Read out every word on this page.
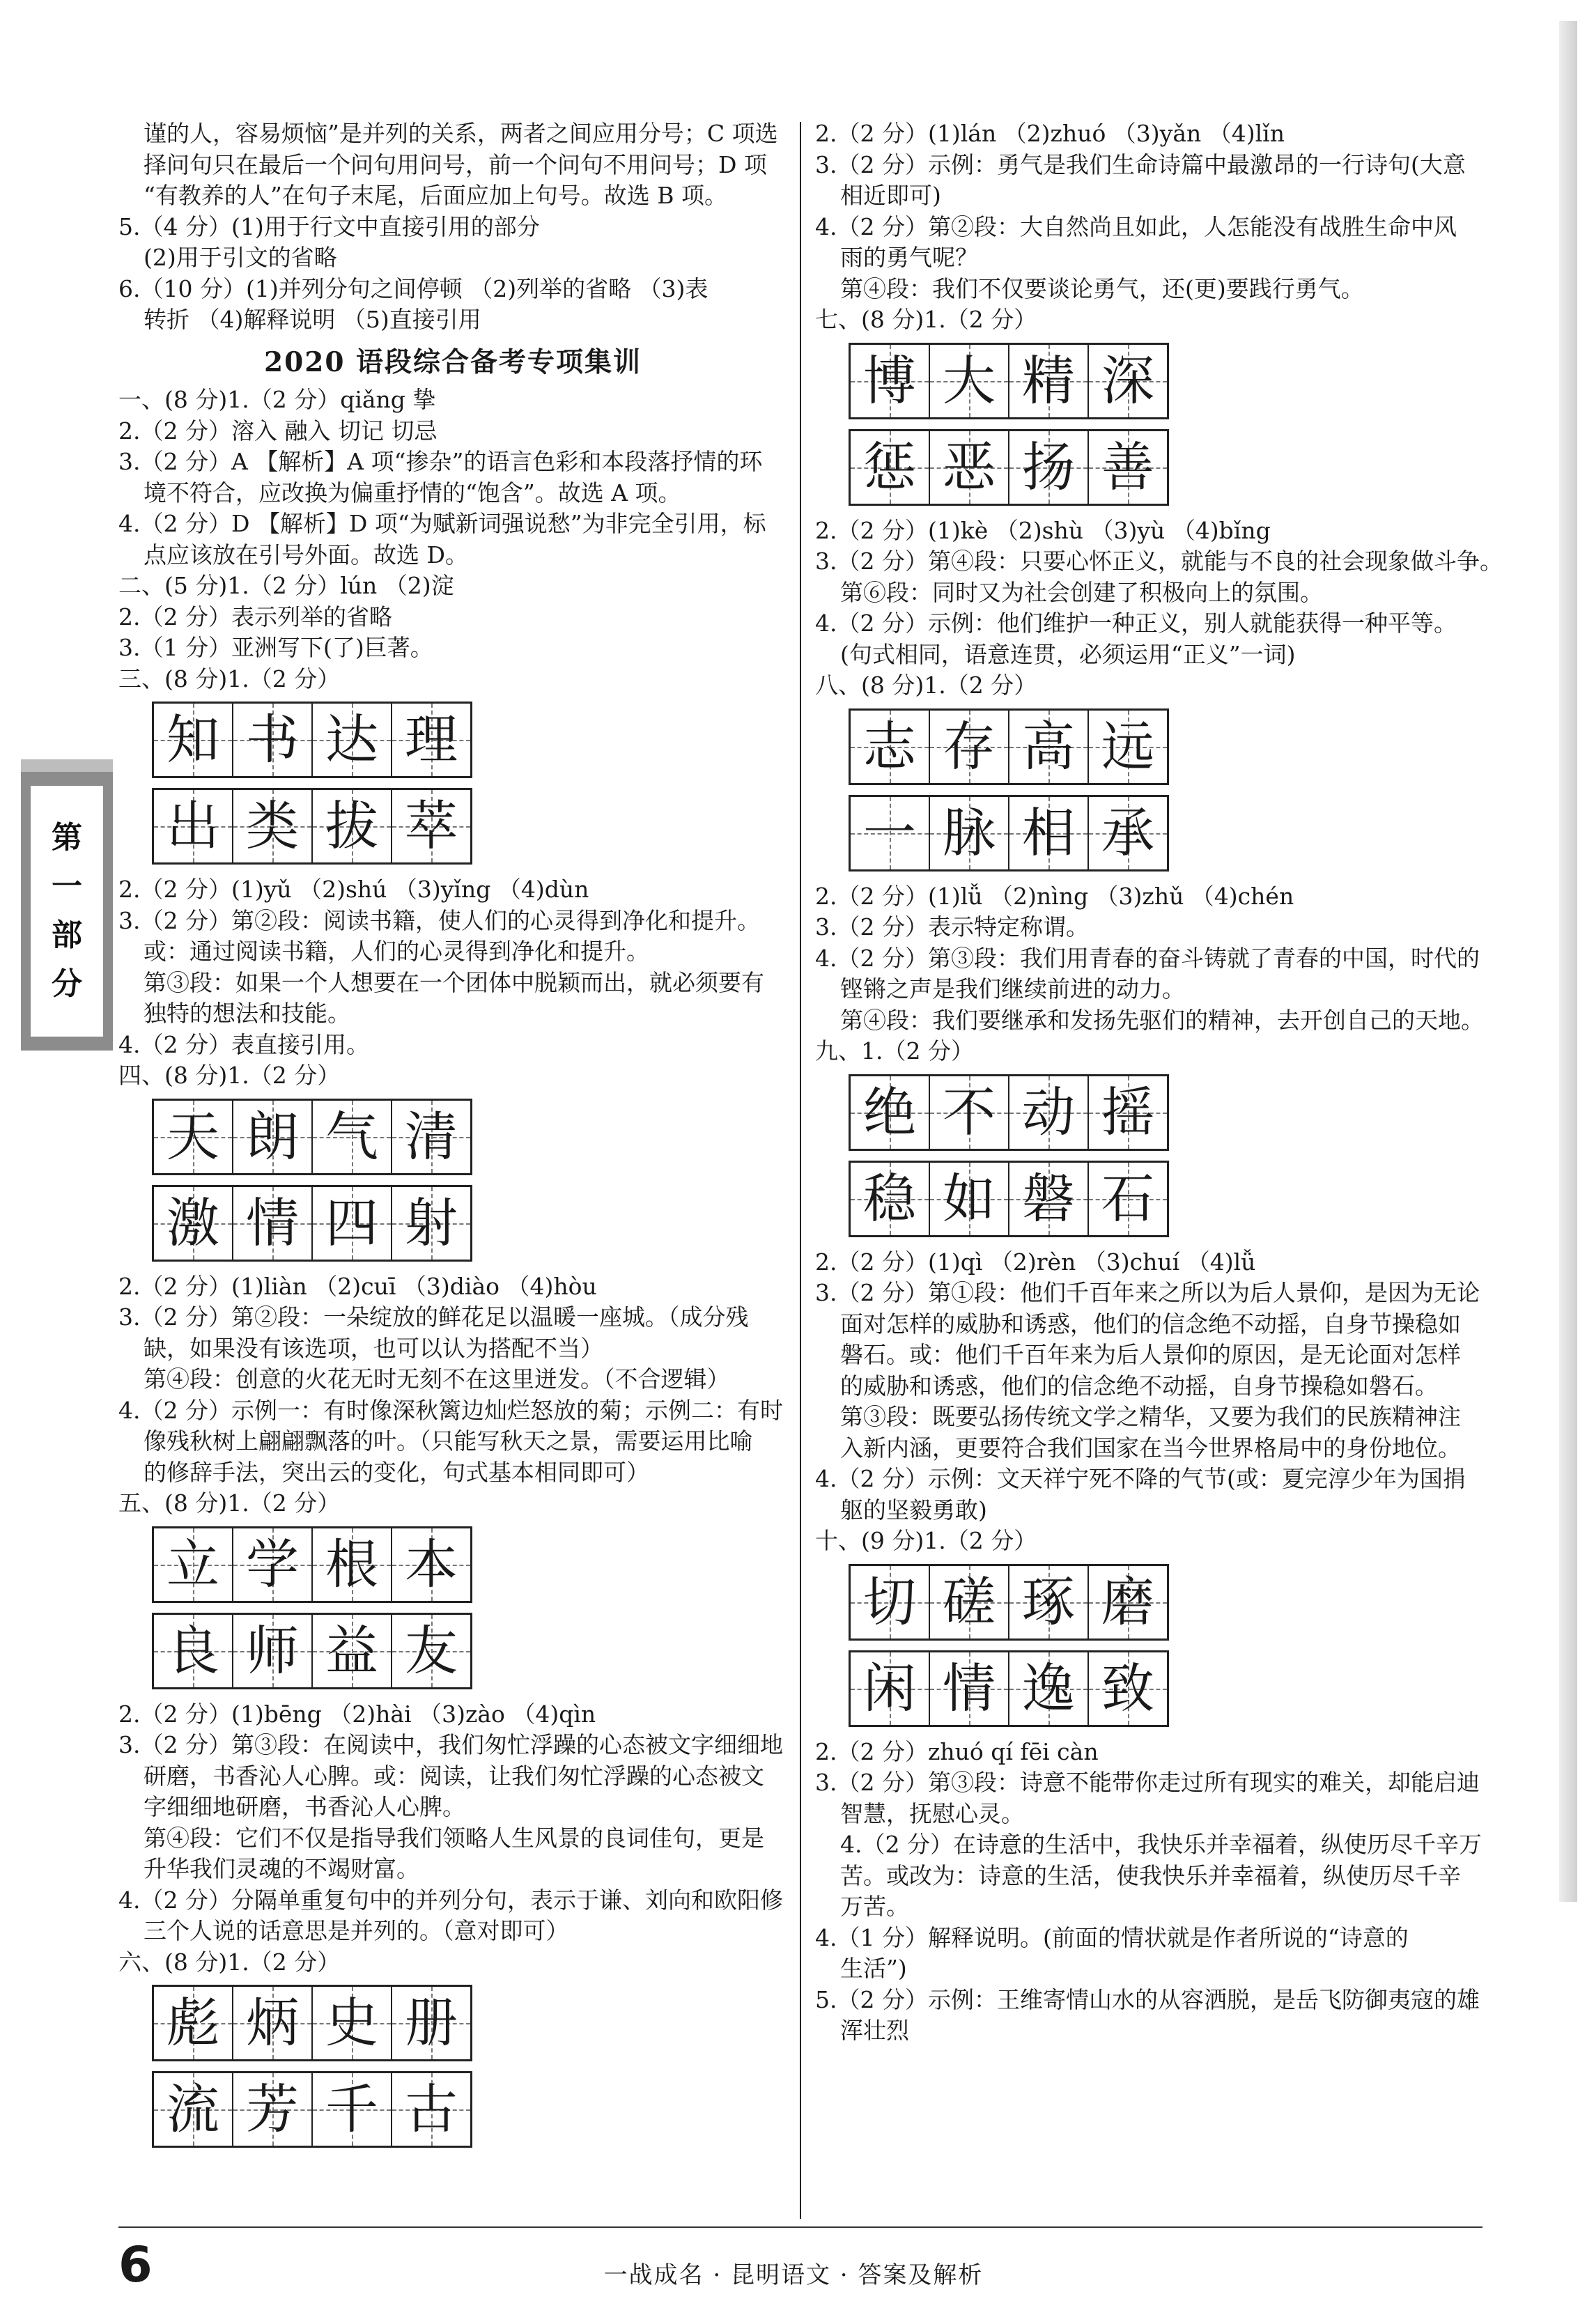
第
一
部
分

谨的人，容易烦恼”是并列的关系，两者之间应用分号；C 项选

择问句只在最后一个问句用问号，前一个问句不用问号；D 项

“有教养的人”在句子末尾，后面应加上句号。故选 B 项。

5.（4 分）(1)用于行文中直接引用的部分

(2)用于引文的省略

6.（10 分）(1)并列分句之间停顿 （2)列举的省略 （3)表

转折 （4)解释说明 （5)直接引用

2020 语段综合备考专项集训

一、(8 分)1.（2 分）qiǎng 挚

2.（2 分）溶入 融入 切记 切忌

3.（2 分）A 【解析】A 项“掺杂”的语言色彩和本段落抒情的环

境不符合，应改换为偏重抒情的“饱含”。故选 A 项。

4.（2 分）D 【解析】D 项“为赋新词强说愁”为非完全引用，标

点应该放在引号外面。故选 D。

二、(5 分)1.（2 分）lún （2)淀

2.（2 分）表示列举的省略

3.（1 分）亚洲写下(了)巨著。

三、(8 分)1.（2 分）

知 书 达 理
出 类 拔 萃

2.（2 分）(1)yǔ （2)shú （3)yǐng （4)dùn

3.（2 分）第②段：阅读书籍，使人们的心灵得到净化和提升。

或：通过阅读书籍，人们的心灵得到净化和提升。

第③段：如果一个人想要在一个团体中脱颖而出，就必须要有

独特的想法和技能。

4.（2 分）表直接引用。

四、(8 分)1.（2 分）

天 朗 气 清
激 情 四 射

2.（2 分）(1)liàn （2)cuī （3)diào （4)hòu

3.（2 分）第②段：一朵绽放的鲜花足以温暖一座城。（成分残

缺，如果没有该选项，也可以认为搭配不当）

第④段：创意的火花无时无刻不在这里迸发。（不合逻辑）

4.（2 分）示例一：有时像深秋篱边灿烂怒放的菊；示例二：有时

像残秋树上翩翩飘落的叶。（只能写秋天之景，需要运用比喻

的修辞手法，突出云的变化，句式基本相同即可）

五、(8 分)1.（2 分）

立 学 根 本
良 师 益 友

2.（2 分）(1)bēng （2)hài （3)zào （4)qìn

3.（2 分）第③段：在阅读中，我们匆忙浮躁的心态被文字细细地

研磨，书香沁人心脾。或：阅读，让我们匆忙浮躁的心态被文

字细细地研磨，书香沁人心脾。

第④段：它们不仅是指导我们领略人生风景的良词佳句，更是

升华我们灵魂的不竭财富。

4.（2 分）分隔单重复句中的并列分句，表示于谦、刘向和欧阳修

三个人说的话意思是并列的。（意对即可）

六、(8 分)1.（2 分）

彪 炳 史 册
流 芳 千 古

2.（2 分）(1)lán （2)zhuó （3)yǎn （4)lǐn

3.（2 分）示例：勇气是我们生命诗篇中最激昂的一行诗句(大意

相近即可)

4.（2 分）第②段：大自然尚且如此，人怎能没有战胜生命中风

雨的勇气呢？

第④段：我们不仅要谈论勇气，还(更)要践行勇气。

七、(8 分)1.（2 分）

博 大 精 深
惩 恶 扬 善

2.（2 分）(1)kè （2)shù （3)yù （4)bǐng

3.（2 分）第④段：只要心怀正义，就能与不良的社会现象做斗争。

第⑥段：同时又为社会创建了积极向上的氛围。

4.（2 分）示例：他们维护一种正义，别人就能获得一种平等。

(句式相同，语意连贯，必须运用“正义”一词)

八、(8 分)1.（2 分）

志 存 高 远
一 脉 相 承

2.（2 分）(1)lǚ （2)nìng （3)zhǔ （4)chén

3.（2 分）表示特定称谓。

4.（2 分）第③段：我们用青春的奋斗铸就了青春的中国，时代的

铿锵之声是我们继续前进的动力。

第④段：我们要继承和发扬先驱们的精神，去开创自己的天地。

九、1.（2 分）

绝 不 动 摇
稳 如 磐 石

2.（2 分）(1)qì （2)rèn （3)chuí （4)lǚ

3.（2 分）第①段：他们千百年来之所以为后人景仰，是因为无论

面对怎样的威胁和诱惑，他们的信念绝不动摇，自身节操稳如

磐石。或：他们千百年来为后人景仰的原因，是无论面对怎样

的威胁和诱惑，他们的信念绝不动摇，自身节操稳如磐石。

第③段：既要弘扬传统文学之精华，又要为我们的民族精神注

入新内涵，更要符合我们国家在当今世界格局中的身份地位。

4.（2 分）示例：文天祥宁死不降的气节(或：夏完淳少年为国捐

躯的坚毅勇敢)

十、(9 分)1.（2 分）

切 磋 琢 磨
闲 情 逸 致

2.（2 分）zhuó qí fēi càn

3.（2 分）第③段：诗意不能带你走过所有现实的难关，却能启迪

智慧，抚慰心灵。

4.（2 分）在诗意的生活中，我快乐并幸福着，纵使历尽千辛万

苦。或改为：诗意的生活，使我快乐并幸福着，纵使历尽千辛

万苦。

4.（1 分）解释说明。(前面的情状就是作者所说的“诗意的

生活”)

5.（2 分）示例：王维寄情山水的从容洒脱，是岳飞防御夷寇的雄

浑壮烈

6	一战成名 · 昆明语文 · 答案及解析
